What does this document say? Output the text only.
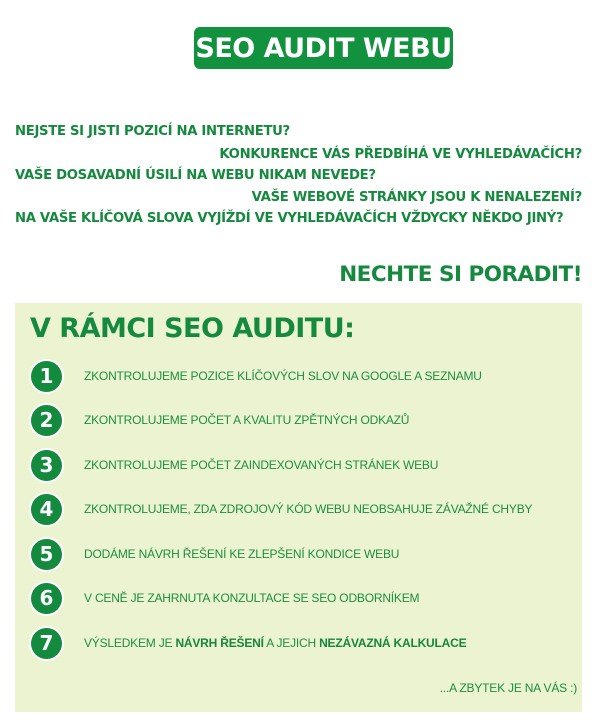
SEO AUDIT WEBU
NEJSTE SI JISTI POZICÍ NA INTERNETU?
KONKURENCE VÁS PŘEDBÍHÁ VE VYHLEDÁVAČÍCH?
VAŠE DOSAVADNÍ ÚSILÍ NA WEBU NIKAM NEVEDE?
VAŠE WEBOVÉ STRÁNKY JSOU K NENALEZENÍ?
NA VAŠE KLÍČOVÁ SLOVA VYJÍŽDÍ VE VYHLEDÁVAČÍCH VŽDYCKY NĚKDO JINÝ?
NECHTE SI PORADIT!
V RÁMCI SEO AUDITU:
1	ZKONTROLUJEME POZICE KLÍČOVÝCH SLOV NA GOOGLE A SEZNAMU
2	ZKONTROLUJEME POČET A KVALITU ZPĚTNÝCH ODKAZŮ
3	ZKONTROLUJEME POČET ZAINDEXOVANÝCH STRÁNEK WEBU
4	ZKONTROLUJEME, ZDA ZDROJOVÝ KÓD WEBU NEOBSAHUJE ZÁVAŽNÉ CHYBY
5	DODÁME NÁVRH ŘEŠENÍ KE ZLEPŠENÍ KONDICE WEBU
6	V CENĚ JE ZAHRNUTA KONZULTACE SE SEO ODBORNÍKEM
7	VÝSLEDKEM JE NÁVRH ŘEŠENÍ A JEJICH NEZÁVAZNÁ KALKULACE
...A ZBYTEK JE NA VÁS :)
